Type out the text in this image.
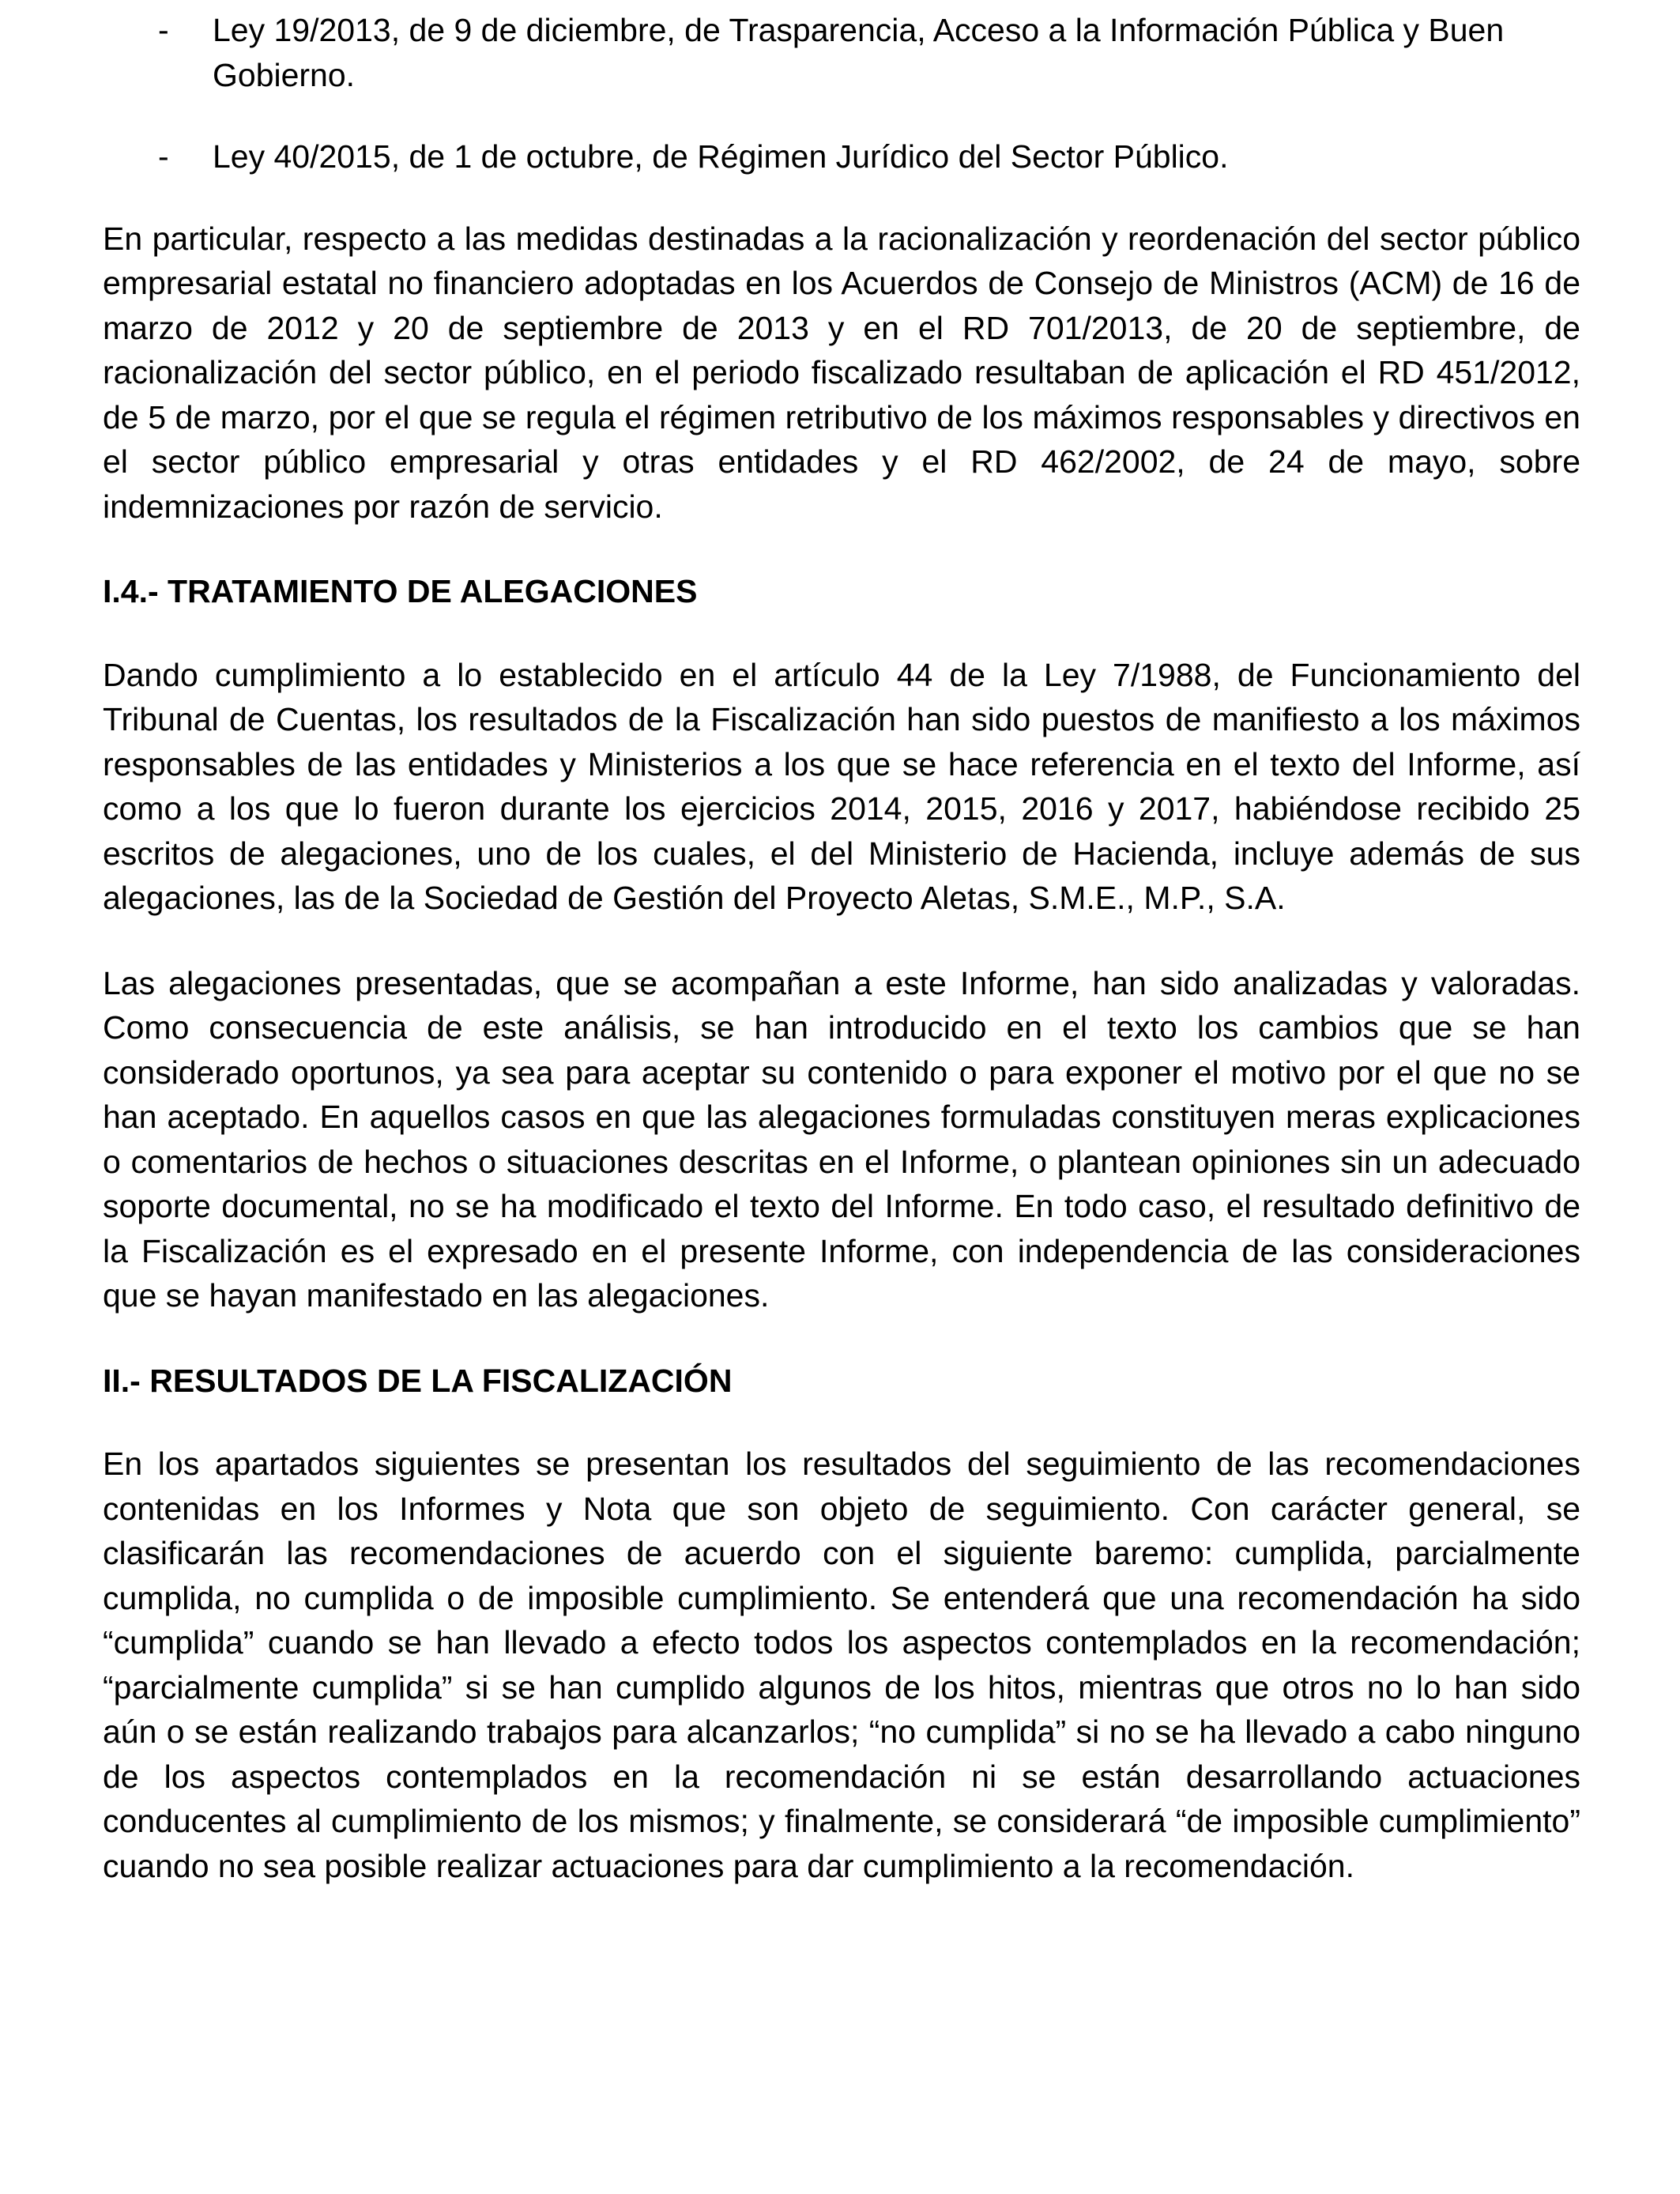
-	Ley 19/2013, de 9 de diciembre, de Trasparencia, Acceso a la Información Pública y Buen Gobierno.
-	Ley 40/2015, de 1 de octubre, de Régimen Jurídico del Sector Público.

En particular, respecto a las medidas destinadas a la racionalización y reordenación del sector público empresarial estatal no financiero adoptadas en los Acuerdos de Consejo de Ministros (ACM) de 16 de marzo de 2012 y 20 de septiembre de 2013 y en el RD 701/2013, de 20 de septiembre, de racionalización del sector público, en el periodo fiscalizado resultaban de aplicación el RD 451/2012, de 5 de marzo, por el que se regula el régimen retributivo de los máximos responsables y directivos en el sector público empresarial y otras entidades y el RD 462/2002, de 24 de mayo, sobre indemnizaciones por razón de servicio.

I.4.- TRATAMIENTO DE ALEGACIONES

Dando cumplimiento a lo establecido en el artículo 44 de la Ley 7/1988, de Funcionamiento del Tribunal de Cuentas, los resultados de la Fiscalización han sido puestos de manifiesto a los máximos responsables de las entidades y Ministerios a los que se hace referencia en el texto del Informe, así como a los que lo fueron durante los ejercicios 2014, 2015, 2016 y 2017, habiéndose recibido 25 escritos de alegaciones, uno de los cuales, el del Ministerio de Hacienda, incluye además de sus alegaciones, las de la Sociedad de Gestión del Proyecto Aletas, S.M.E., M.P., S.A.

Las alegaciones presentadas, que se acompañan a este Informe, han sido analizadas y valoradas. Como consecuencia de este análisis, se han introducido en el texto los cambios que se han considerado oportunos, ya sea para aceptar su contenido o para exponer el motivo por el que no se han aceptado. En aquellos casos en que las alegaciones formuladas constituyen meras explicaciones o comentarios de hechos o situaciones descritas en el Informe, o plantean opiniones sin un adecuado soporte documental, no se ha modificado el texto del Informe. En todo caso, el resultado definitivo de la Fiscalización es el expresado en el presente Informe, con independencia de las consideraciones que se hayan manifestado en las alegaciones.

II.- RESULTADOS DE LA FISCALIZACIÓN

En los apartados siguientes se presentan los resultados del seguimiento de las recomendaciones contenidas en los Informes y Nota que son objeto de seguimiento. Con carácter general, se clasificarán las recomendaciones de acuerdo con el siguiente baremo: cumplida, parcialmente cumplida, no cumplida o de imposible cumplimiento. Se entenderá que una recomendación ha sido “cumplida” cuando se han llevado a efecto todos los aspectos contemplados en la recomendación; “parcialmente cumplida” si se han cumplido algunos de los hitos, mientras que otros no lo han sido aún o se están realizando trabajos para alcanzarlos; “no cumplida” si no se ha llevado a cabo ninguno de los aspectos contemplados en la recomendación ni se están desarrollando actuaciones conducentes al cumplimiento de los mismos; y finalmente, se considerará “de imposible cumplimiento” cuando no sea posible realizar actuaciones para dar cumplimiento a la recomendación.
